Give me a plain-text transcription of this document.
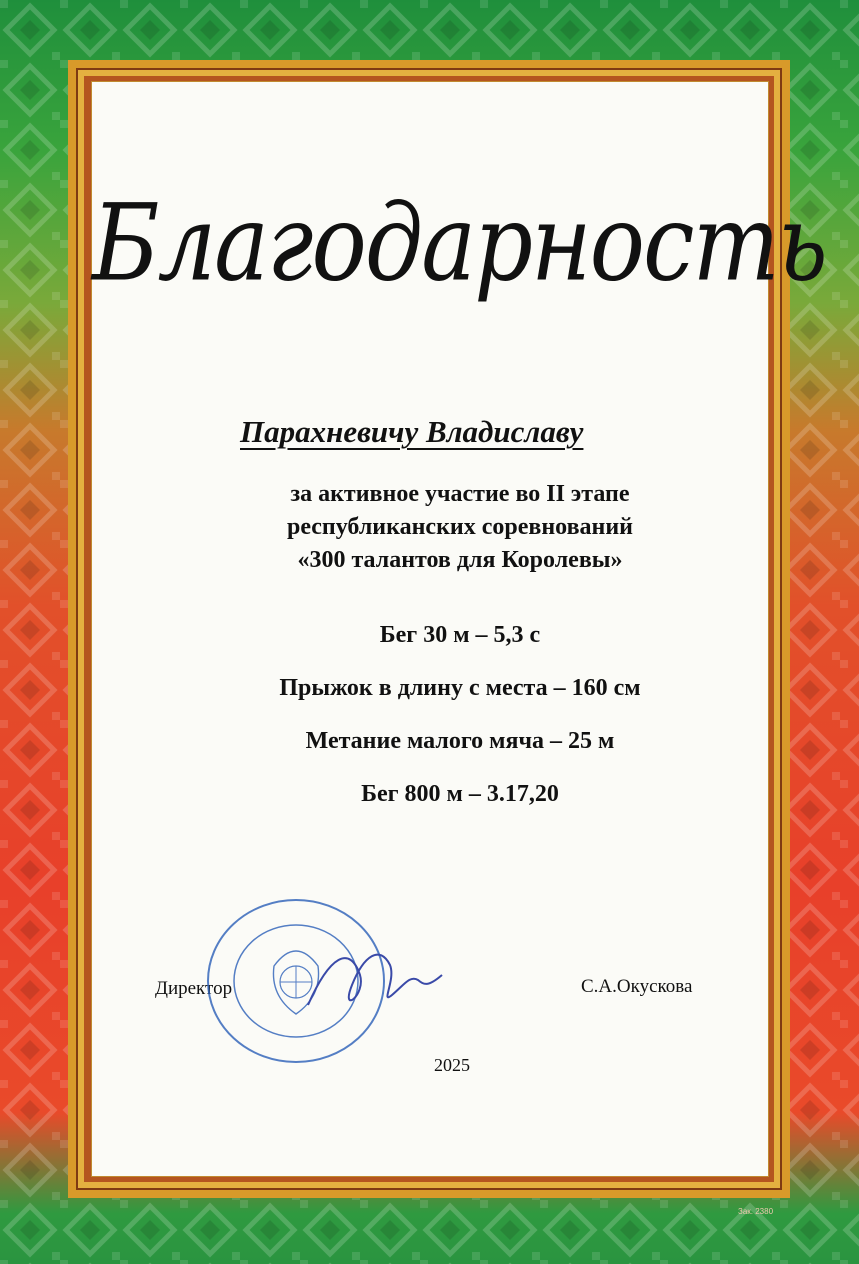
Благодарность
Парахневичу Владиславу
за активное участие во II этапе
республиканских соревнований
«300 талантов для Королевы»
Бег 30 м – 5,3 с
Прыжок в длину с места – 160 см
Метание малого мяча – 25 м
Бег 800 м – 3.17,20
Директор	С.А.Окускова
2025
Зак. 2380
